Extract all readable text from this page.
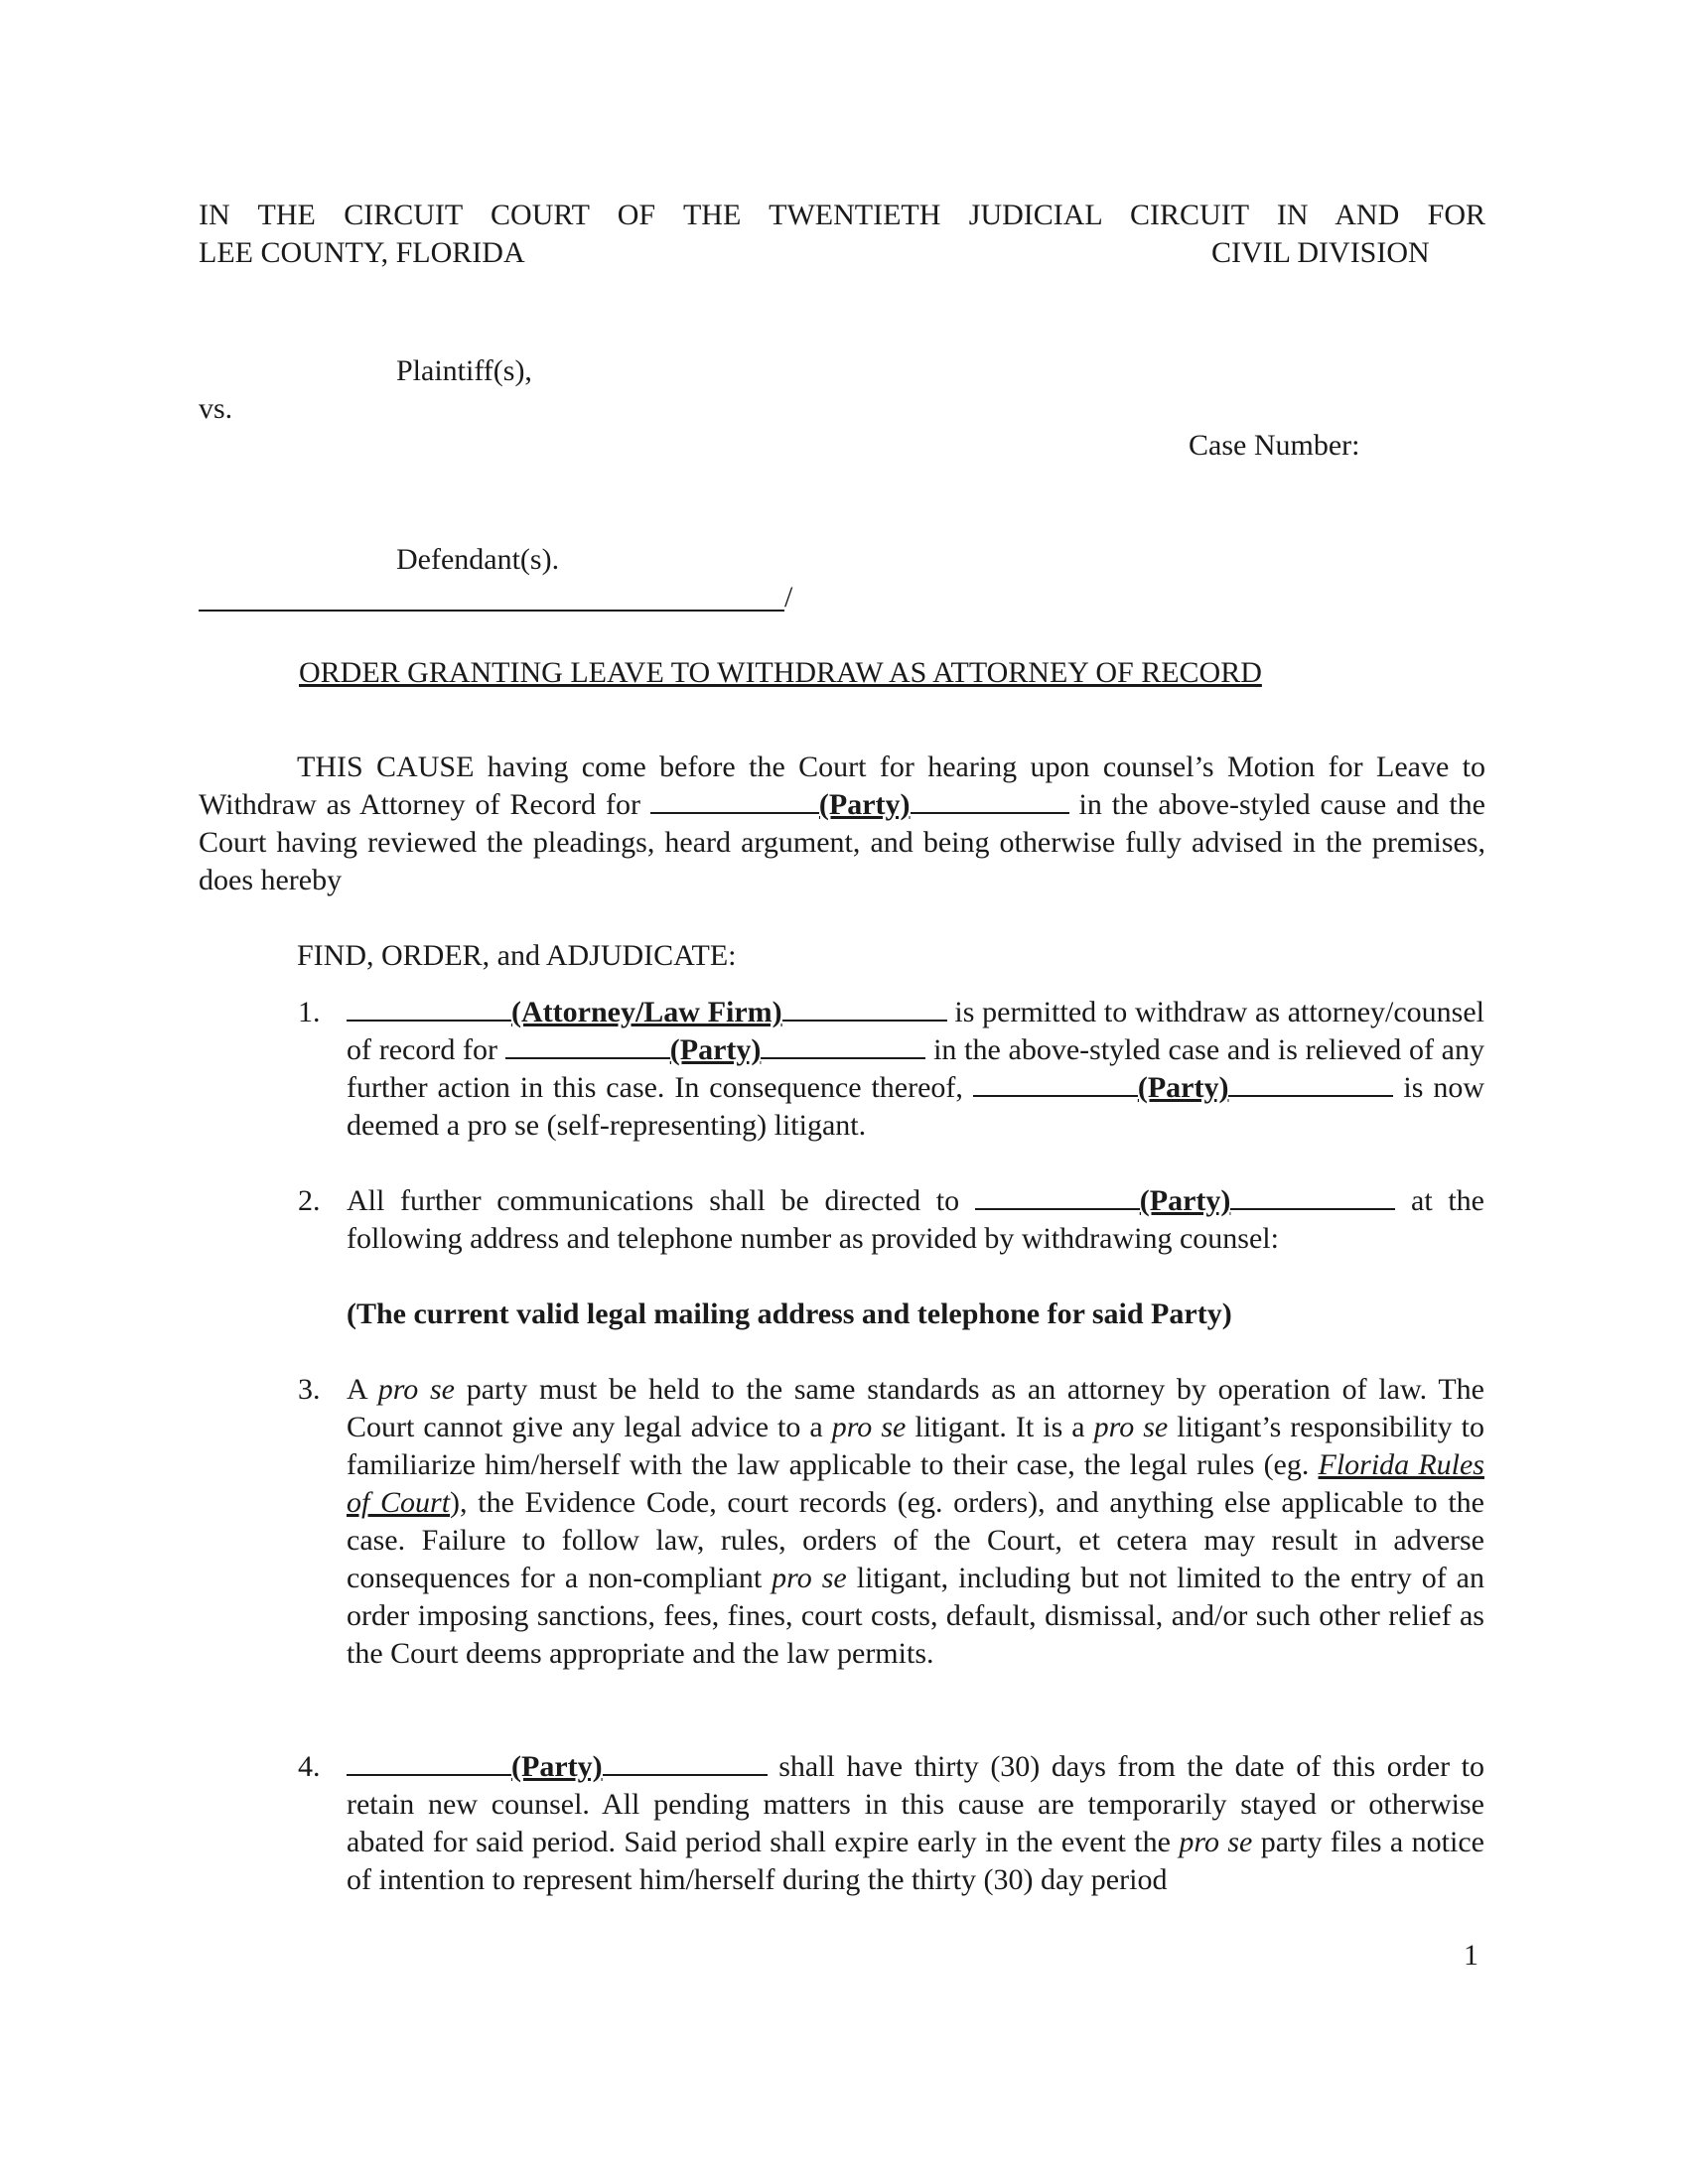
IN THE CIRCUIT COURT OF THE TWENTIETH JUDICIAL CIRCUIT IN AND FOR
LEE COUNTY, FLORIDA	CIVIL DIVISION
Plaintiff(s),
vs.
Case Number:
Defendant(s).
/
ORDER GRANTING LEAVE TO WITHDRAW AS ATTORNEY OF RECORD
THIS CAUSE having come before the Court for hearing upon counsel’s Motion for Leave to Withdraw as Attorney of Record for	(Party)	in the above-styled cause and the Court having reviewed the pleadings, heard argument, and being otherwise fully advised in the premises, does hereby
FIND, ORDER, and ADJUDICATE:
1.	(Attorney/Law Firm)	is permitted to withdraw as attorney/counsel of record for	(Party)	in the above-styled case and is relieved of any further action in this case. In consequence thereof,	(Party)	is now deemed a pro se (self-representing) litigant.
2. All further communications shall be directed to	(Party)	at the following address and telephone number as provided by withdrawing counsel:
(The current valid legal mailing address and telephone for said Party)
3. A pro se party must be held to the same standards as an attorney by operation of law. The Court cannot give any legal advice to a pro se litigant. It is a pro se litigant’s responsibility to familiarize him/herself with the law applicable to their case, the legal rules (eg. Florida Rules of Court), the Evidence Code, court records (eg. orders), and anything else applicable to the case. Failure to follow law, rules, orders of the Court, et cetera may result in adverse consequences for a non-compliant pro se litigant, including but not limited to the entry of an order imposing sanctions, fees, fines, court costs, default, dismissal, and/or such other relief as the Court deems appropriate and the law permits.
4.	(Party)	shall have thirty (30) days from the date of this order to retain new counsel. All pending matters in this cause are temporarily stayed or otherwise abated for said period. Said period shall expire early in the event the pro se party files a notice of intention to represent him/herself during the thirty (30) day period
1
